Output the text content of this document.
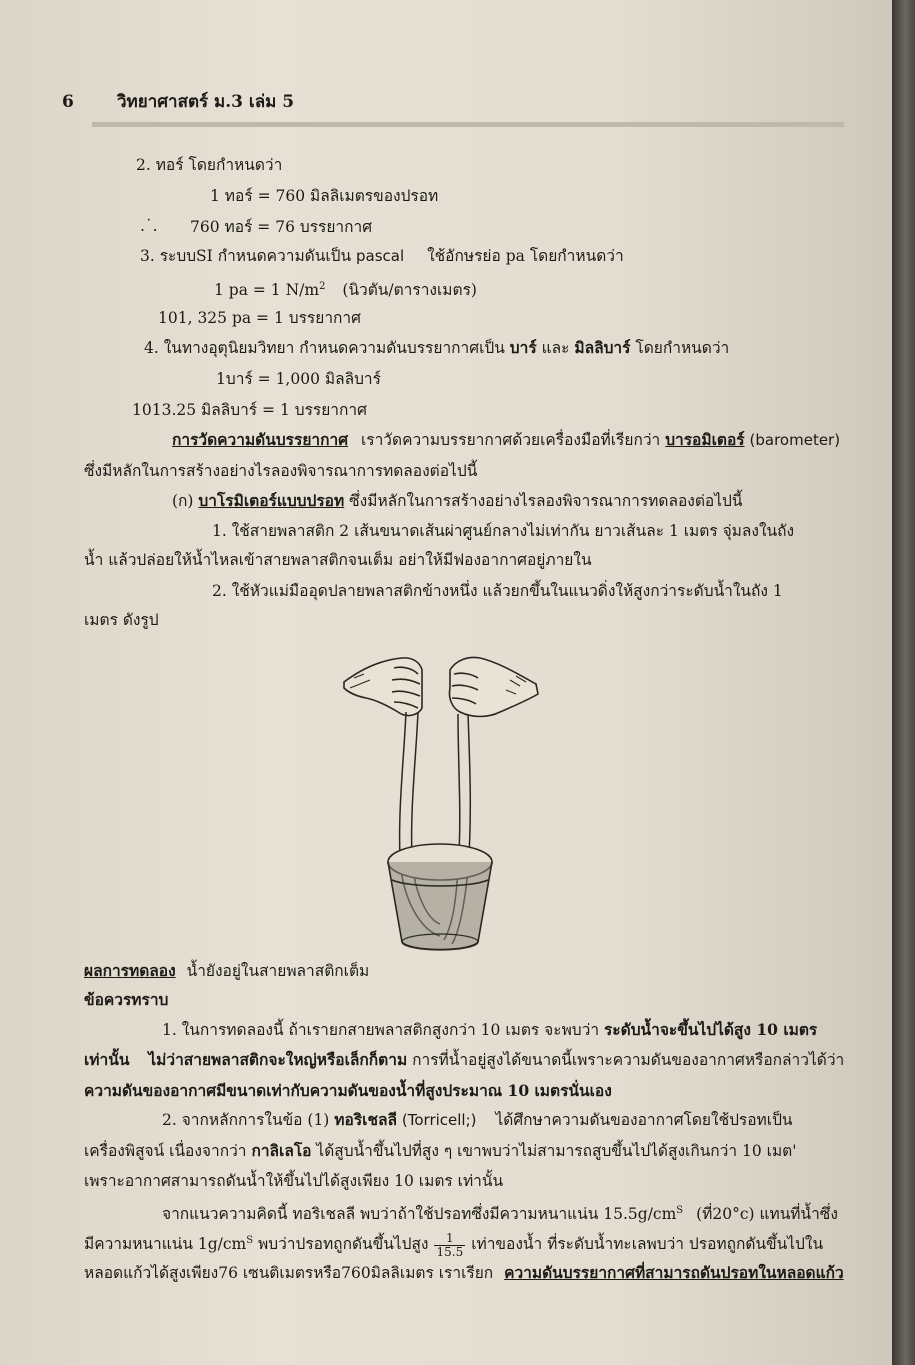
6	วิทยาศาสตร์ ม.3 เล่ม 5
2. ทอร์ โดยกำหนดว่า
1 ทอร์ = 760 มิลลิเมตรของปรอท
.˙. 760 ทอร์ = 76 บรรยากาศ
3. ระบบSI กำหนดความดันเป็น pascal ใช้อักษรย่อ pa โดยกำหนดว่า
1 pa = 1 $N/m^2$ (นิวตัน/ตารางเมตร)
101, 325 pa = 1 บรรยากาศ
4. ในทางอุตุนิยมวิทยา กำหนดความดันบรรยากาศเป็น บาร์ และ มิลลิบาร์ โดยกำหนดว่า
1บาร์ = 1,000 มิลลิบาร์
1013.25 มิลลิบาร์ = 1 บรรยากาศ
การวัดความดันบรรยากาศ เราวัดความบรรยากาศด้วยเครื่องมือที่เรียกว่า บารอมิเตอร์ (barometer)
ซึ่งมีหลักในการสร้างอย่างไรลองพิจารณาการทดลองต่อไปนี้
(ก) บาโรมิเตอร์แบบปรอท ซึ่งมีหลักในการสร้างอย่างไรลองพิจารณาการทดลองต่อไปนี้
1. ใช้สายพลาสติก 2 เส้นขนาดเส้นผ่าศูนย์กลางไม่เท่ากัน ยาวเส้นละ 1 เมตร จุ่มลงในถัง
น้ำ แล้วปล่อยให้น้ำไหลเข้าสายพลาสติกจนเต็ม อย่าให้มีฟองอากาศอยู่ภายใน
2. ใช้หัวแม่มืออุดปลายพลาสติกข้างหนึ่ง แล้วยกขึ้นในแนวดิ่งให้สูงกว่าระดับน้ำในถัง 1
เมตร ดังรูป
ผลการทดลอง น้ำยังอยู่ในสายพลาสติกเต็ม
ข้อควรทราบ
1. ในการทดลองนี้ ถ้าเรายกสายพลาสติกสูงกว่า 10 เมตร จะพบว่า ระดับน้ำจะขึ้นไปได้สูง 10 เมตร
เท่านั้น ไม่ว่าสายพลาสติกจะใหญ่หรือเล็กก็ตาม การที่น้ำอยู่สูงได้ขนาดนี้เพราะความดันของอากาศหรือกล่าวได้ว่า
ความดันของอากาศมีขนาดเท่ากับความดันของน้ำที่สูงประมาณ 10 เมตรนั่นเอง
2. จากหลักการในข้อ (1) ทอริเชลลี (Torricell;) ได้ศึกษาความดันของอากาศโดยใช้ปรอทเป็น
เครื่องพิสูจน์ เนื่องจากว่า กาลิเลโอ ได้สูบน้ำขึ้นไปที่สูง ๆ เขาพบว่าไม่สามารถสูบขึ้นไปได้สูงเกินกว่า 10 เมต'
เพราะอากาศสามารถดันน้ำให้ขึ้นไปได้สูงเพียง 10 เมตร เท่านั้น
จากแนวความคิดนี้ ทอริเชลลี พบว่าถ้าใช้ปรอทซึ่งมีความหนาแน่น $15.5g/cm^S$ (ที่20°c) แทนที่น้ำซึ่ง
มีความหนาแน่น $1g/cm^S$ พบว่าปรอทถูกดันขึ้นไปสูง $\frac{1}{15.5}$ เท่าของน้ำ ที่ระดับน้ำทะเลพบว่า ปรอทถูกดันขึ้นไปใน
หลอดแก้วได้สูงเพียง76 เซนติเมตรหรือ760มิลลิเมตร เราเรียก ความดันบรรยากาศที่สามารถดันปรอทในหลอดแก้ว
